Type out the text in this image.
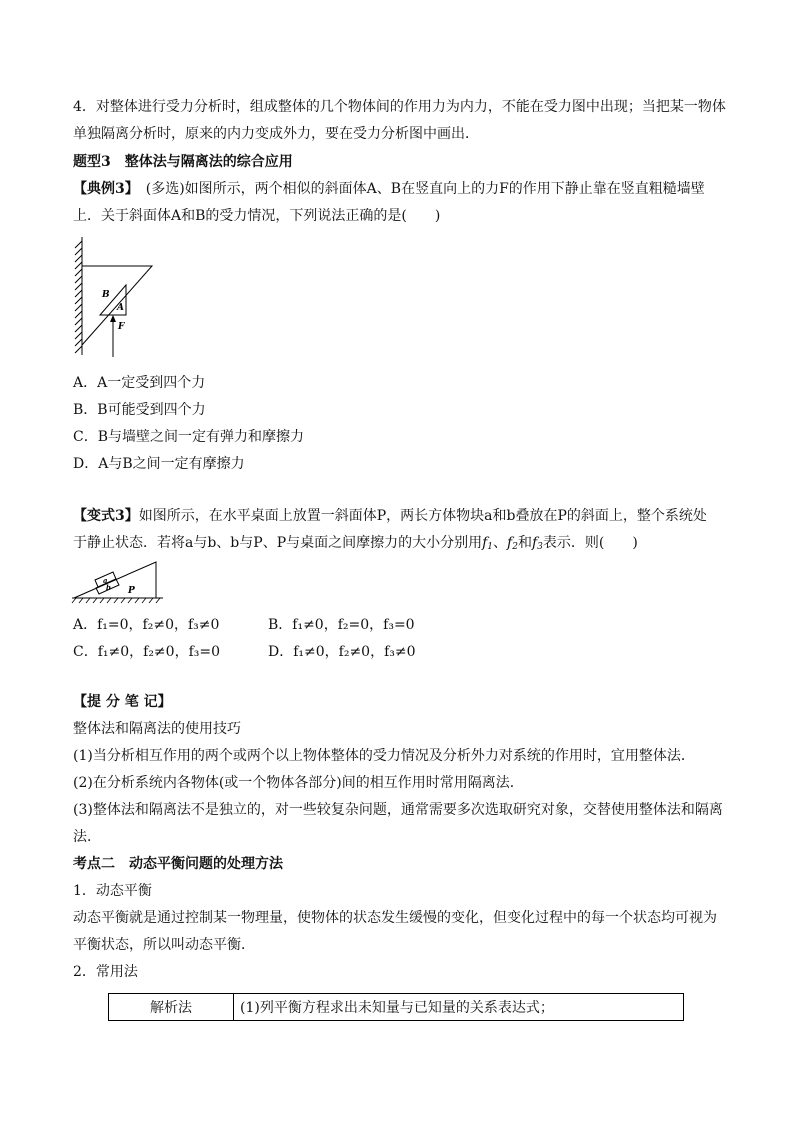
4．对整体进行受力分析时，组成整体的几个物体间的作用力为内力，不能在受力图中出现；当把某一物体
单独隔离分析时，原来的内力变成外力，要在受力分析图中画出．
题型3　整体法与隔离法的综合应用
【典例3】　(多选)如图所示，两个相似的斜面体A、B在竖直向上的力F的作用下静止靠在竖直粗糙墙壁
上．关于斜面体A和B的受力情况，下列说法正确的是(　　)
B
A
F
A．A一定受到四个力
B．B可能受到四个力
C．B与墙壁之间一定有弹力和摩擦力
D．A与B之间一定有摩擦力
【变式3】如图所示，在水平桌面上放置一斜面体P，两长方体物块a和b叠放在P的斜面上，整个系统处
于静止状态．若将a与b、b与P、P与桌面之间摩擦力的大小分别用$f_1$、$f_2$和$f_3$表示．则(　　)
a
b P
A．f₁=0，f₂≠0，f₃≠0	B．f₁≠0，f₂=0，f₃=0
C．f₁≠0，f₂≠0，f₃=0	D．f₁≠0，f₂≠0，f₃≠0
【提 分 笔 记】
整体法和隔离法的使用技巧
(1)当分析相互作用的两个或两个以上物体整体的受力情况及分析外力对系统的作用时，宜用整体法．
(2)在分析系统内各物体(或一个物体各部分)间的相互作用时常用隔离法．
(3)整体法和隔离法不是独立的，对一些较复杂问题，通常需要多次选取研究对象，交替使用整体法和隔离
法．
考点二　动态平衡问题的处理方法
1．动态平衡
动态平衡就是通过控制某一物理量，使物体的状态发生缓慢的变化，但变化过程中的每一个状态均可视为
平衡状态，所以叫动态平衡．
2．常用法
解析法	(1)列平衡方程求出未知量与已知量的关系表达式；
